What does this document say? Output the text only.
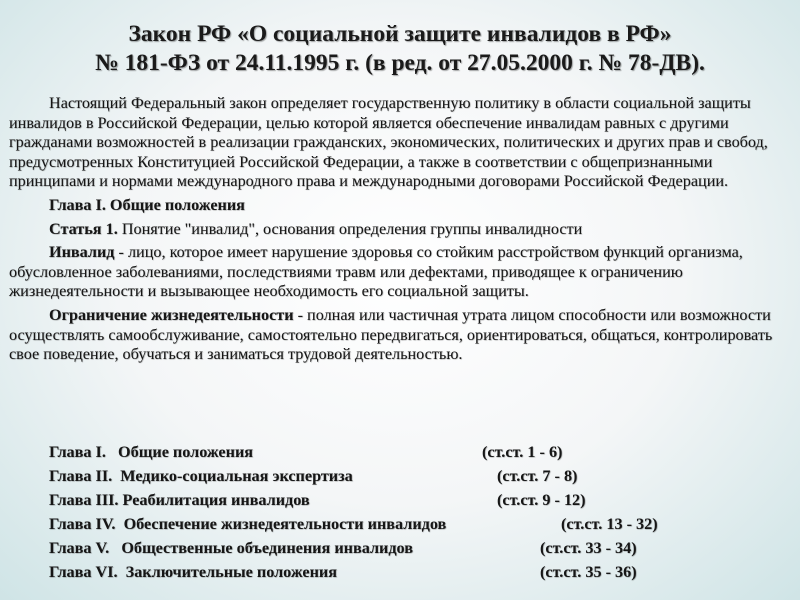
Закон РФ «О социальной защите инвалидов в РФ»
№ 181-ФЗ от 24.11.1995 г. (в ред. от 27.05.2000 г. № 78-ДВ).

Настоящий Федеральный закон определяет государственную политику в области социальной защиты инвалидов в Российской Федерации, целью которой является обеспечение инвалидам равных с другими гражданами возможностей в реализации гражданских, экономических, политических и других прав и свобод, предусмотренных Конституцией Российской Федерации, а также в соответствии с общепризнанными принципами и нормами международного права и международными договорами Российской Федерации.

Глава I. Общие положения

Статья 1. Понятие "инвалид", основания определения группы инвалидности

Инвалид - лицо, которое имеет нарушение здоровья со стойким расстройством функций организма, обусловленное заболеваниями, последствиями травм или дефектами, приводящее к ограничению жизнедеятельности и вызывающее необходимость его социальной защиты.

Ограничение жизнедеятельности - полная или частичная утрата лицом способности или возможности осуществлять самообслуживание, самостоятельно передвигаться, ориентироваться, общаться, контролировать свое поведение, обучаться и заниматься трудовой деятельностью.

Глава I.   Общие положения	(ст.ст. 1 - 6)
Глава II.  Медико-социальная экспертиза	(ст.ст. 7 - 8)
Глава III. Реабилитация инвалидов	(ст.ст. 9 - 12)
Глава IV.  Обеспечение жизнедеятельности инвалидов	(ст.ст. 13 - 32)
Глава V.   Общественные объединения инвалидов	(ст.ст. 33 - 34)
Глава VI.  Заключительные положения	(ст.ст. 35 - 36)
